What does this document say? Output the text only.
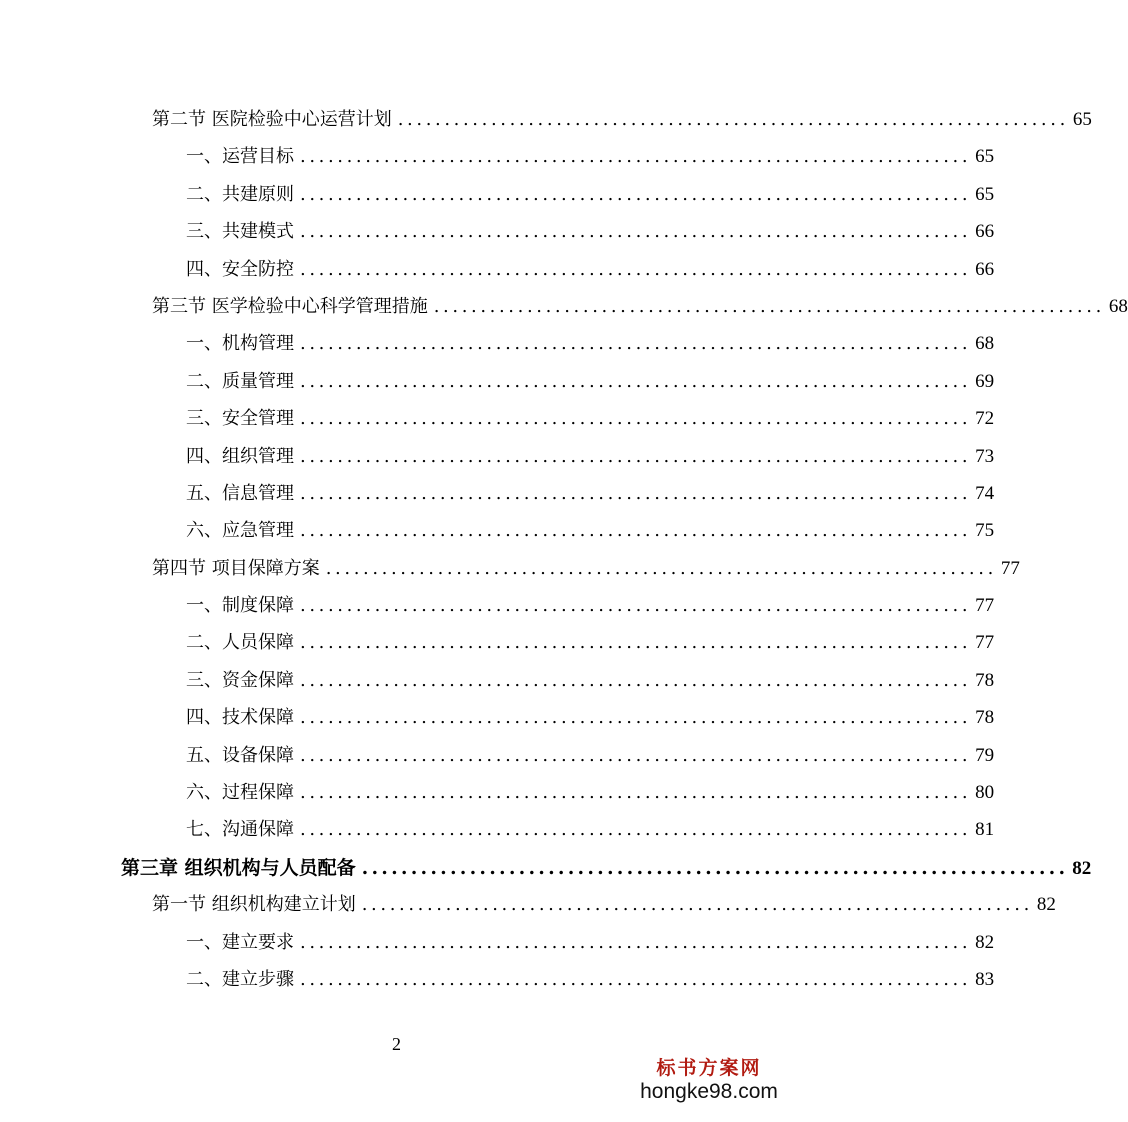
第二节 医院检验中心运营计划 ........................................................................ 65
一、运营目标 ........................................................................ 65
二、共建原则 ........................................................................ 65
三、共建模式 ........................................................................ 66
四、安全防控 ........................................................................ 66
第三节 医学检验中心科学管理措施 ........................................................................ 68
一、机构管理 ........................................................................ 68
二、质量管理 ........................................................................ 69
三、安全管理 ........................................................................ 72
四、组织管理 ........................................................................ 73
五、信息管理 ........................................................................ 74
六、应急管理 ........................................................................ 75
第四节 项目保障方案 ........................................................................ 77
一、制度保障 ........................................................................ 77
二、人员保障 ........................................................................ 77
三、资金保障 ........................................................................ 78
四、技术保障 ........................................................................ 78
五、设备保障 ........................................................................ 79
六、过程保障 ........................................................................ 80
七、沟通保障 ........................................................................ 81
第三章 组织机构与人员配备 ........................................................................ 82
第一节 组织机构建立计划 ........................................................................ 82
一、建立要求 ........................................................................ 82
二、建立步骤 ........................................................................ 83
2
标书方案网
hongke98.com
